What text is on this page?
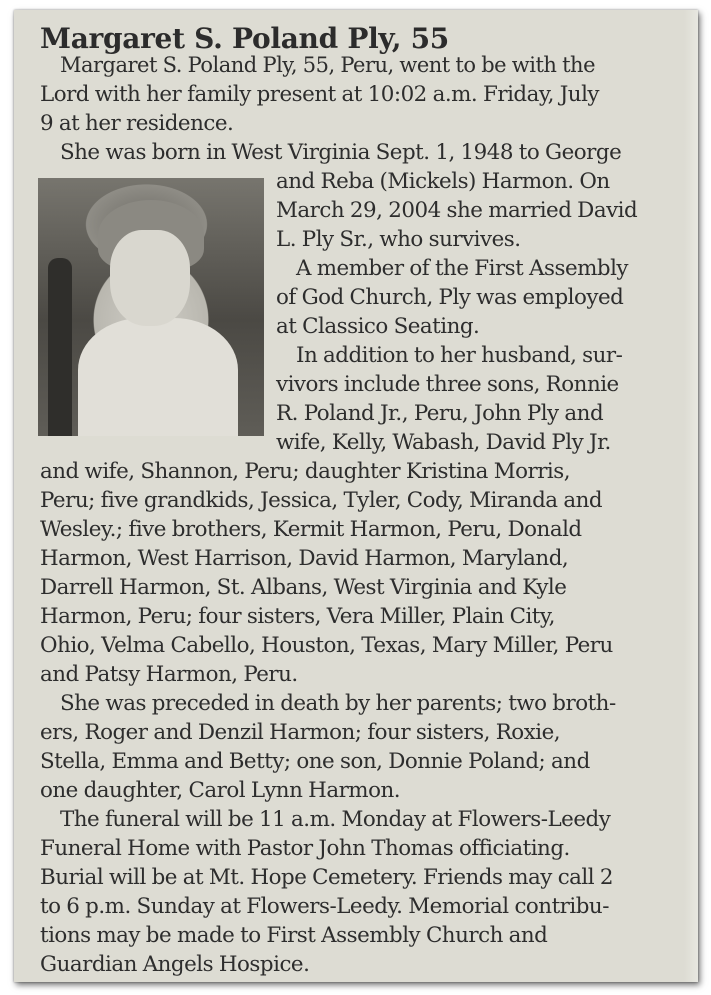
Margaret S. Poland Ply, 55
Margaret S. Poland Ply, 55, Peru, went to be with the
Lord with her family present at 10:02 a.m. Friday, July
9 at her residence.
She was born in West Virginia Sept. 1, 1948 to George
and Reba (Mickels) Harmon. On
March 29, 2004 she married David
L. Ply Sr., who survives.
A member of the First Assembly
of God Church, Ply was employed
at Classico Seating.
In addition to her husband, sur-
vivors include three sons, Ronnie
R. Poland Jr., Peru, John Ply and
wife, Kelly, Wabash, David Ply Jr.
and wife, Shannon, Peru; daughter Kristina Morris,
Peru; five grandkids, Jessica, Tyler, Cody, Miranda and
Wesley.; five brothers, Kermit Harmon, Peru, Donald
Harmon, West Harrison, David Harmon, Maryland,
Darrell Harmon, St. Albans, West Virginia and Kyle
Harmon, Peru; four sisters, Vera Miller, Plain City,
Ohio, Velma Cabello, Houston, Texas, Mary Miller, Peru
and Patsy Harmon, Peru.
She was preceded in death by her parents; two broth-
ers, Roger and Denzil Harmon; four sisters, Roxie,
Stella, Emma and Betty; one son, Donnie Poland; and
one daughter, Carol Lynn Harmon.
The funeral will be 11 a.m. Monday at Flowers-Leedy
Funeral Home with Pastor John Thomas officiating.
Burial will be at Mt. Hope Cemetery. Friends may call 2
to 6 p.m. Sunday at Flowers-Leedy. Memorial contribu-
tions may be made to First Assembly Church and
Guardian Angels Hospice.
